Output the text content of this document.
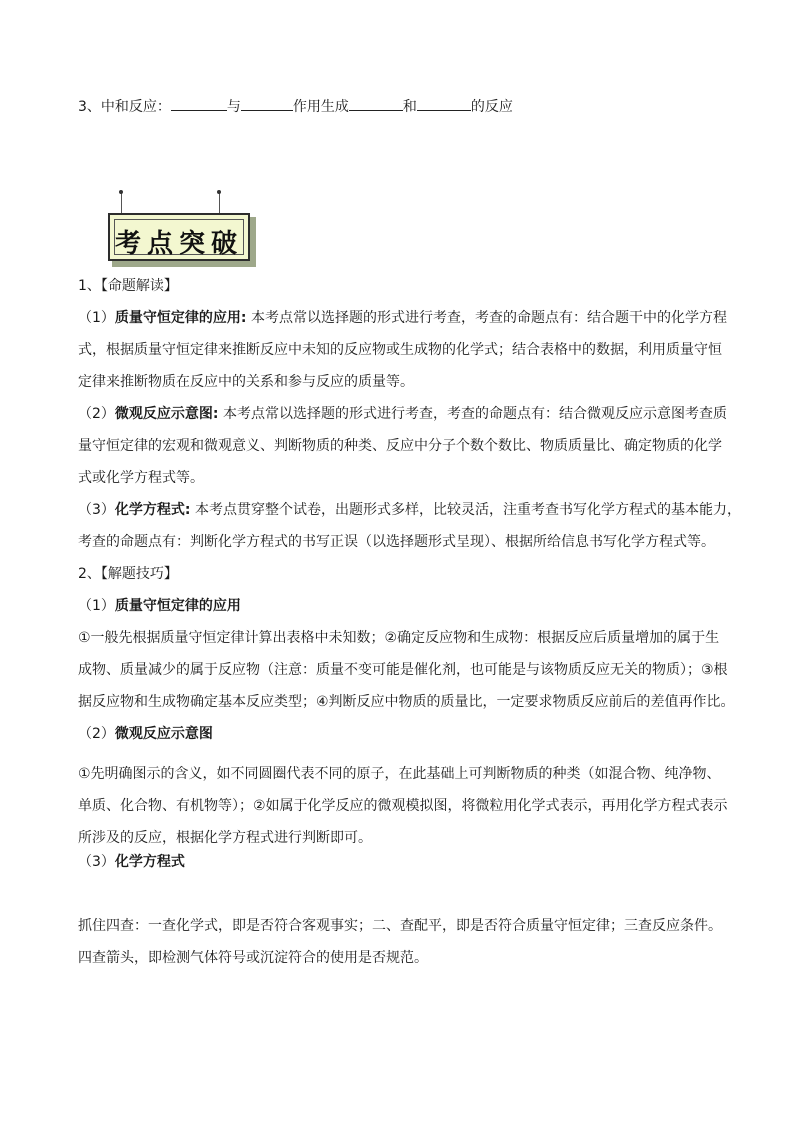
3、中和反应：	与	作用生成	和	的反应
考点突破
1、【命题解读】
（1）质量守恒定律的应用: 本考点常以选择题的形式进行考查，考查的命题点有：结合题干中的化学方程
式，根据质量守恒定律来推断反应中未知的反应物或生成物的化学式；结合表格中的数据，利用质量守恒
定律来推断物质在反应中的关系和参与反应的质量等。
（2）微观反应示意图: 本考点常以选择题的形式进行考查，考查的命题点有：结合微观反应示意图考查质
量守恒定律的宏观和微观意义、判断物质的种类、反应中分子个数个数比、物质质量比、确定物质的化学
式或化学方程式等。
（3）化学方程式: 本考点贯穿整个试卷，出题形式多样，比较灵活，注重考查书写化学方程式的基本能力，
考查的命题点有：判断化学方程式的书写正误（以选择题形式呈现）、根据所给信息书写化学方程式等。
2、【解题技巧】
（1）质量守恒定律的应用
①一般先根据质量守恒定律计算出表格中未知数；②确定反应物和生成物：根据反应后质量增加的属于生
成物、质量减少的属于反应物（注意：质量不变可能是催化剂，也可能是与该物质反应无关的物质）；③根
据反应物和生成物确定基本反应类型；④判断反应中物质的质量比，一定要求物质反应前后的差值再作比。
（2）微观反应示意图
①先明确图示的含义，如不同圆圈代表不同的原子，在此基础上可判断物质的种类（如混合物、纯净物、
单质、化合物、有机物等）；②如属于化学反应的微观模拟图，将微粒用化学式表示，再用化学方程式表示
所涉及的反应，根据化学方程式进行判断即可。
（3）化学方程式
抓住四查：一查化学式，即是否符合客观事实；二、查配平，即是否符合质量守恒定律；三查反应条件。
四查箭头，即检测气体符号或沉淀符合的使用是否规范。
